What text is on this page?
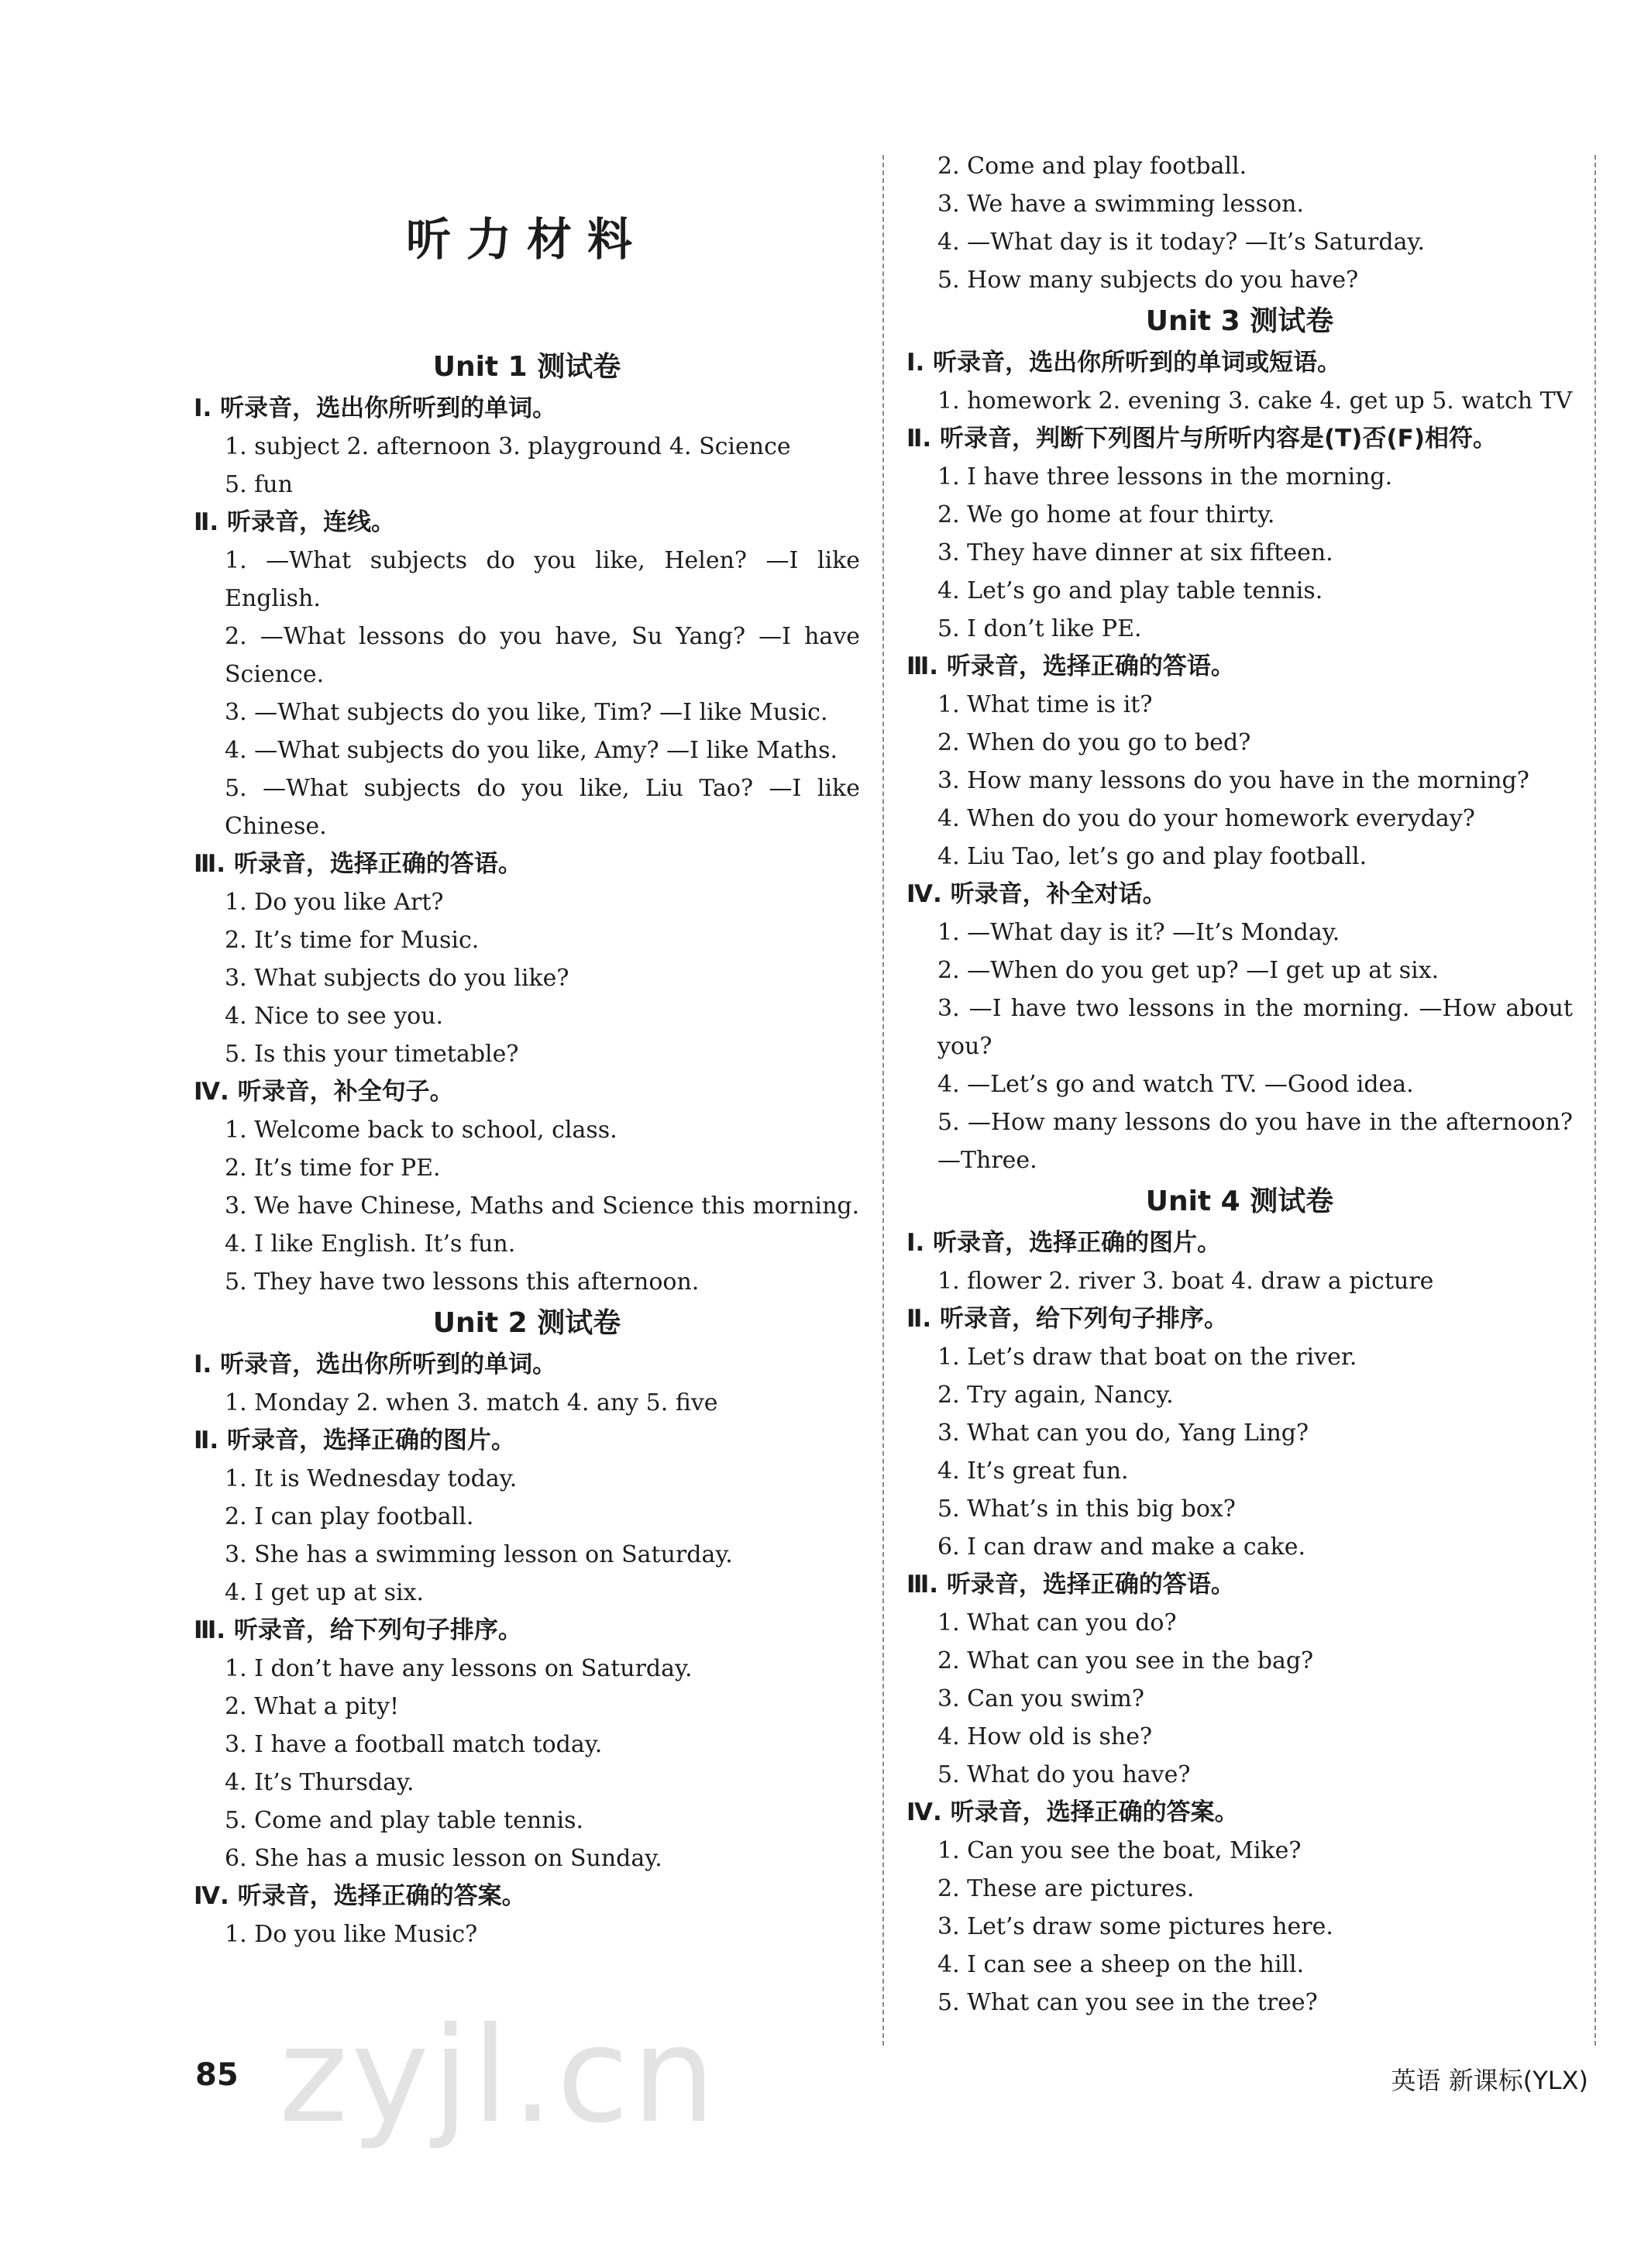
听力材料
Unit 1 测试卷
Ⅰ. 听录音，选出你所听到的单词。
1. subject 2. afternoon 3. playground 4. Science
5. fun
Ⅱ. 听录音，连线。
1. —What subjects do you like, Helen? —I like English.
2. —What lessons do you have, Su Yang? —I have Science.
3. —What subjects do you like, Tim? —I like Music.
4. —What subjects do you like, Amy? —I like Maths.
5. —What subjects do you like, Liu Tao? —I like Chinese.
Ⅲ. 听录音，选择正确的答语。
1. Do you like Art?
2. It’s time for Music.
3. What subjects do you like?
4. Nice to see you.
5. Is this your timetable?
Ⅳ. 听录音，补全句子。
1. Welcome back to school, class.
2. It’s time for PE.
3. We have Chinese, Maths and Science this morning.
4. I like English. It’s fun.
5. They have two lessons this afternoon.
Unit 2 测试卷
Ⅰ. 听录音，选出你所听到的单词。
1. Monday 2. when 3. match 4. any 5. five
Ⅱ. 听录音，选择正确的图片。
1. It is Wednesday today.
2. I can play football.
3. She has a swimming lesson on Saturday.
4. I get up at six.
Ⅲ. 听录音，给下列句子排序。
1. I don’t have any lessons on Saturday.
2. What a pity!
3. I have a football match today.
4. It’s Thursday.
5. Come and play table tennis.
6. She has a music lesson on Sunday.
Ⅳ. 听录音，选择正确的答案。
1. Do you like Music?
2. Come and play football.
3. We have a swimming lesson.
4. —What day is it today? —It’s Saturday.
5. How many subjects do you have?
Unit 3 测试卷
Ⅰ. 听录音，选出你所听到的单词或短语。
1. homework 2. evening 3. cake 4. get up 5. watch TV
Ⅱ. 听录音，判断下列图片与所听内容是(T)否(F)相符。
1. I have three lessons in the morning.
2. We go home at four thirty.
3. They have dinner at six fifteen.
4. Let’s go and play table tennis.
5. I don’t like PE.
Ⅲ. 听录音，选择正确的答语。
1. What time is it?
2. When do you go to bed?
3. How many lessons do you have in the morning?
4. When do you do your homework everyday?
4. Liu Tao, let’s go and play football.
Ⅳ. 听录音，补全对话。
1. —What day is it? —It’s Monday.
2. —When do you get up? —I get up at six.
3. —I have two lessons in the morning. —How about you?
4. —Let’s go and watch TV. —Good idea.
5. —How many lessons do you have in the afternoon? —Three.
Unit 4 测试卷
Ⅰ. 听录音，选择正确的图片。
1. flower 2. river 3. boat 4. draw a picture
Ⅱ. 听录音，给下列句子排序。
1. Let’s draw that boat on the river.
2. Try again, Nancy.
3. What can you do, Yang Ling?
4. It’s great fun.
5. What’s in this big box?
6. I can draw and make a cake.
Ⅲ. 听录音，选择正确的答语。
1. What can you do?
2. What can you see in the bag?
3. Can you swim?
4. How old is she?
5. What do you have?
Ⅳ. 听录音，选择正确的答案。
1. Can you see the boat, Mike?
2. These are pictures.
3. Let’s draw some pictures here.
4. I can see a sheep on the hill.
5. What can you see in the tree?
zyjl.cn
85	英语 新课标(YLX)
